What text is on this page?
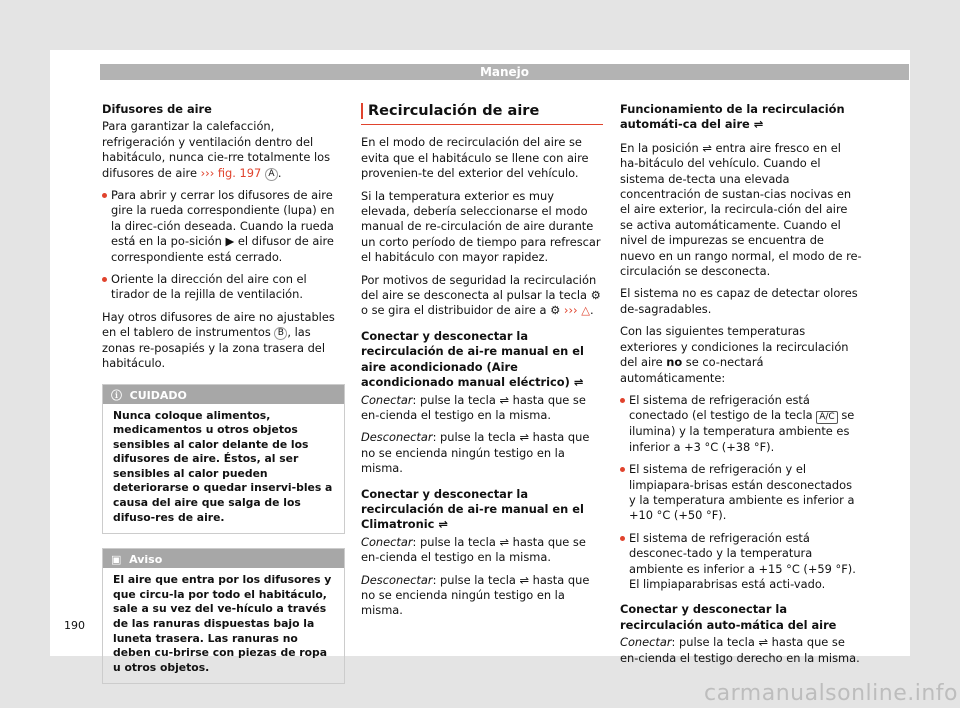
Manejo
Difusores de aire

Para garantizar la calefacción, refrigeración y ventilación dentro del habitáculo, nunca cie-rre totalmente los difusores de aire ››› fig. 197 A .

Para abrir y cerrar los difusores de aire gire la rueda correspondiente (lupa) en la direc-ción deseada. Cuando la rueda está en la po-sición ▶ el difusor de aire correspondiente está cerrado.
Oriente la dirección del aire con el tirador de la rejilla de ventilación.

Hay otros difusores de aire no ajustables en el tablero de instrumentos B , las zonas re-posapiés y la zona trasera del habitáculo.

ⓘ CUIDADO
Nunca coloque alimentos, medicamentos u otros objetos sensibles al calor delante de los difusores de aire. Éstos, al ser sensibles al calor pueden deteriorarse o quedar inservi-bles a causa del aire que salga de los difuso-res de aire.
▣ Aviso
El aire que entra por los difusores y que circu-la por todo el habitáculo, sale a su vez del ve-hículo a través de las ranuras dispuestas bajo la luneta trasera. Las ranuras no deben cu-brirse con piezas de ropa u otros objetos.
Recirculación de aire

En el modo de recirculación del aire se evita que el habitáculo se llene con aire provenien-te del exterior del vehículo.

Si la temperatura exterior es muy elevada, debería seleccionarse el modo manual de re-circulación de aire durante un corto período de tiempo para refrescar el habitáculo con mayor rapidez.

Por motivos de seguridad la recirculación del aire se desconecta al pulsar la tecla ⚙ o se gira el distribuidor de aire a ⚙ ››› △.

Conectar y desconectar la recirculación de ai-re manual en el aire acondicionado (Aire acondicionado manual eléctrico) ⇌

Conectar: pulse la tecla ⇌ hasta que se en-cienda el testigo en la misma.

Desconectar: pulse la tecla ⇌ hasta que no se encienda ningún testigo en la misma.

Conectar y desconectar la recirculación de ai-re manual en el Climatronic ⇌

Conectar: pulse la tecla ⇌ hasta que se en-cienda el testigo en la misma.

Desconectar: pulse la tecla ⇌ hasta que no se encienda ningún testigo en la misma.

Funcionamiento de la recirculación automáti-ca del aire ⇌

En la posición ⇌ entra aire fresco en el ha-bitáculo del vehículo. Cuando el sistema de-tecta una elevada concentración de sustan-cias nocivas en el aire exterior, la recircula-ción del aire se activa automáticamente. Cuando el nivel de impurezas se encuentra de nuevo en un rango normal, el modo de re-circulación se desconecta.

El sistema no es capaz de detectar olores de-sagradables.

Con las siguientes temperaturas exteriores y condiciones la recirculación del aire no se co-nectará automáticamente:

El sistema de refrigeración está conectado (el testigo de la tecla A/C se ilumina) y la temperatura ambiente es inferior a +3 °C (+38 °F).
El sistema de refrigeración y el limpiapara-brisas están desconectados y la temperatura ambiente es inferior a +10 °C (+50 °F).
El sistema de refrigeración está desconec-tado y la temperatura ambiente es inferior a +15 °C (+59 °F). El limpiaparabrisas está acti-vado.
Conectar y desconectar la recirculación auto-mática del aire

Conectar: pulse la tecla ⇌ hasta que se en-cienda el testigo derecho en la misma.

190
carmanualsonline.info
